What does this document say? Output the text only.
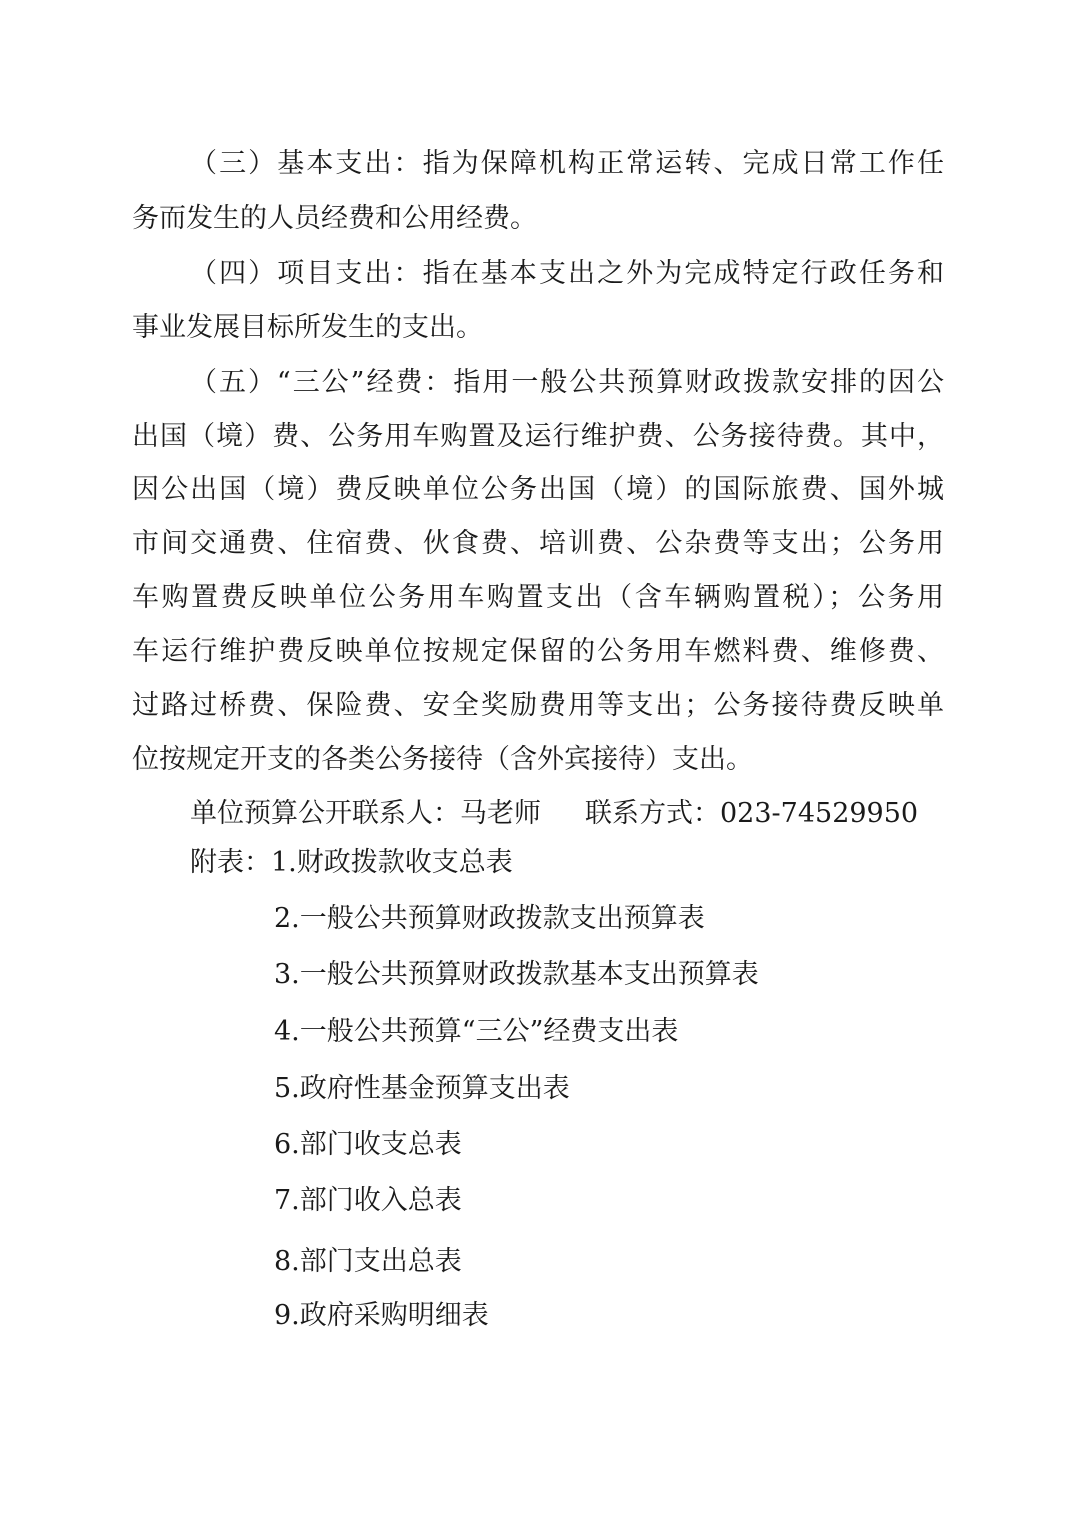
（三）基本支出：指为保障机构正常运转、完成日常工作任
务而发生的人员经费和公用经费。
（四）项目支出：指在基本支出之外为完成特定行政任务和
事业发展目标所发生的支出。
（五）“三公”经费：指用一般公共预算财政拨款安排的因公
出国（境）费、公务用车购置及运行维护费、公务接待费。其中，
因公出国（境）费反映单位公务出国（境）的国际旅费、国外城
市间交通费、住宿费、伙食费、培训费、公杂费等支出；公务用
车购置费反映单位公务用车购置支出（含车辆购置税）；公务用
车运行维护费反映单位按规定保留的公务用车燃料费、维修费、
过路过桥费、保险费、安全奖励费用等支出；公务接待费反映单
位按规定开支的各类公务接待（含外宾接待）支出。
单位预算公开联系人：马老师 联系方式：023-74529950
附表：1.财政拨款收支总表
2.一般公共预算财政拨款支出预算表
3.一般公共预算财政拨款基本支出预算表
4.一般公共预算“三公”经费支出表
5.政府性基金预算支出表
6.部门收支总表
7.部门收入总表
8.部门支出总表
9.政府采购明细表
